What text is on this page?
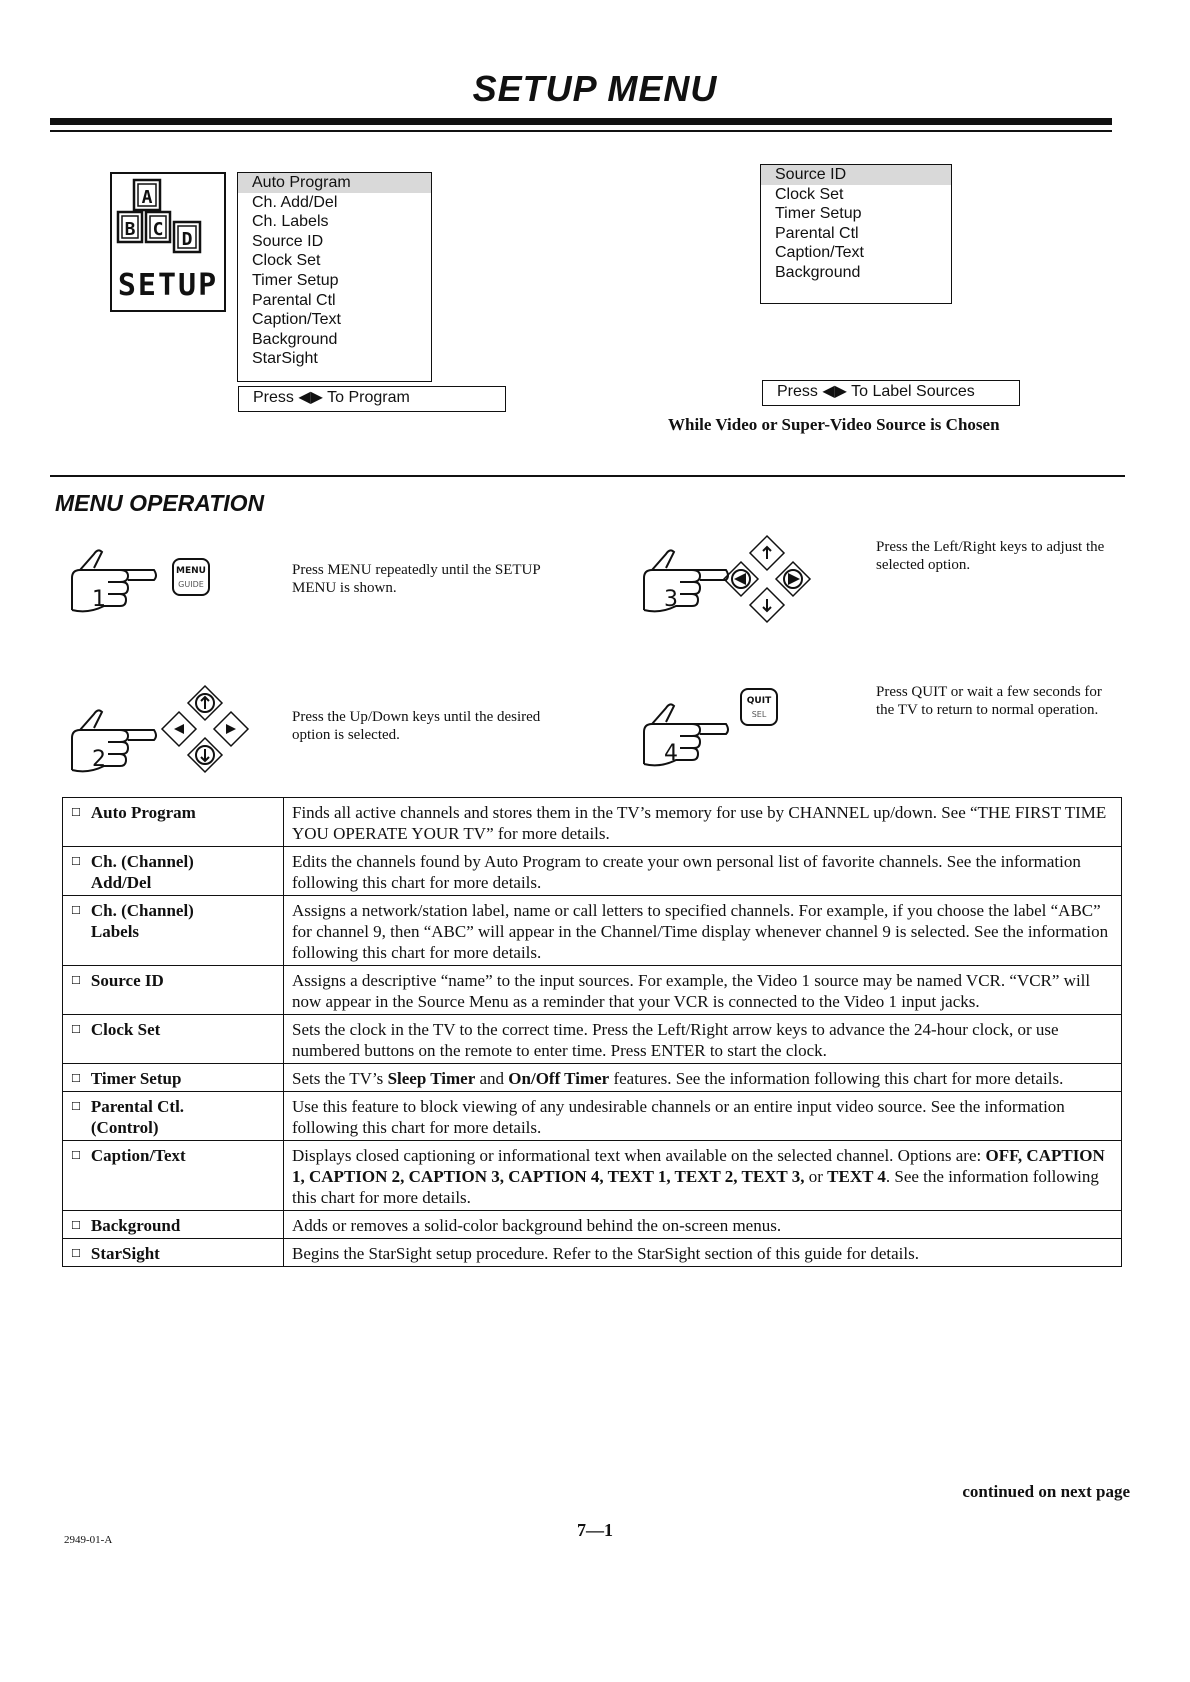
SETUP MENU
A
B C D
SETUP
Auto Program
Ch. Add/Del
Ch. Labels
Source ID
Clock Set
Timer Setup
Parental Ctl
Caption/Text
Background
StarSight
Press ◀▶ To Program
Source ID
Clock Set
Timer Setup
Parental Ctl
Caption/Text
Background
Press ◀▶ To Label Sources
While Video or Super-Video Source is Chosen
MENU OPERATION
1
MENU
GUIDE
Press MENU repeatedly until the SETUP MENU is shown.
2
Press the Up/Down keys until the desired option is selected.
3
Press the Left/Right keys to adjust the selected option.
4
QUIT
SEL
Press QUIT or wait a few seconds for the TV to return to normal operation.
☐ Auto Program	Finds all active channels and stores them in the TV’s memory for use by CHANNEL up/down. See “THE FIRST TIME YOU OPERATE YOUR TV” for more details.
☐ Ch. (Channel) Add/Del	Edits the channels found by Auto Program to create your own personal list of favorite channels. See the information following this chart for more details.
☐ Ch. (Channel) Labels	Assigns a network/station label, name or call letters to specified channels. For example, if you choose the label “ABC” for channel 9, then “ABC” will appear in the Channel/Time display whenever channel 9 is selected. See the information following this chart for more details.
☐ Source ID	Assigns a descriptive “name” to the input sources. For example, the Video 1 source may be named VCR. “VCR” will now appear in the Source Menu as a reminder that your VCR is connected to the Video 1 input jacks.
☐ Clock Set	Sets the clock in the TV to the correct time. Press the Left/Right arrow keys to advance the 24-hour clock, or use numbered buttons on the remote to enter time. Press ENTER to start the clock.
☐ Timer Setup	Sets the TV’s Sleep Timer and On/Off Timer features. See the information following this chart for more details.
☐ Parental Ctl. (Control)	Use this feature to block viewing of any undesirable channels or an entire input video source. See the information following this chart for more details.
☐ Caption/Text	Displays closed captioning or informational text when available on the selected channel. Options are: OFF, CAPTION 1, CAPTION 2, CAPTION 3, CAPTION 4, TEXT 1, TEXT 2, TEXT 3, or TEXT 4. See the information following this chart for more details.
☐ Background	Adds or removes a solid-color background behind the on-screen menus.
☐ StarSight	Begins the StarSight setup procedure. Refer to the StarSight section of this guide for details.
continued on next page
7—1
2949-01-A
